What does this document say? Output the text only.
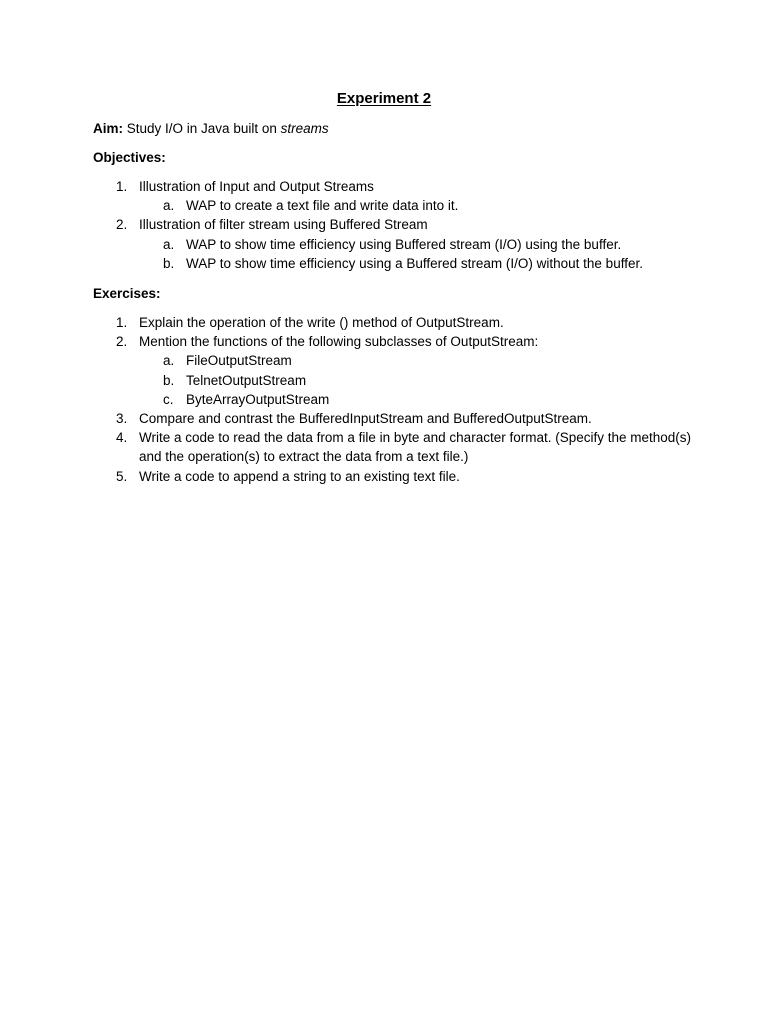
Experiment 2
Aim: Study I/O in Java built on streams
Objectives:
1. Illustration of Input and Output Streams
a. WAP to create a text file and write data into it.
2. Illustration of filter stream using Buffered Stream
a. WAP to show time efficiency using Buffered stream (I/O) using the buffer.
b. WAP to show time efficiency using a Buffered stream (I/O) without the buffer.
Exercises:
1. Explain the operation of the write () method of OutputStream.
2. Mention the functions of the following subclasses of OutputStream:
a. FileOutputStream
b. TelnetOutputStream
c. ByteArrayOutputStream
3. Compare and contrast the BufferedInputStream and BufferedOutputStream.
4. Write a code to read the data from a file in byte and character format. (Specify the method(s) and the operation(s) to extract the data from a text file.)
5. Write a code to append a string to an existing text file.
